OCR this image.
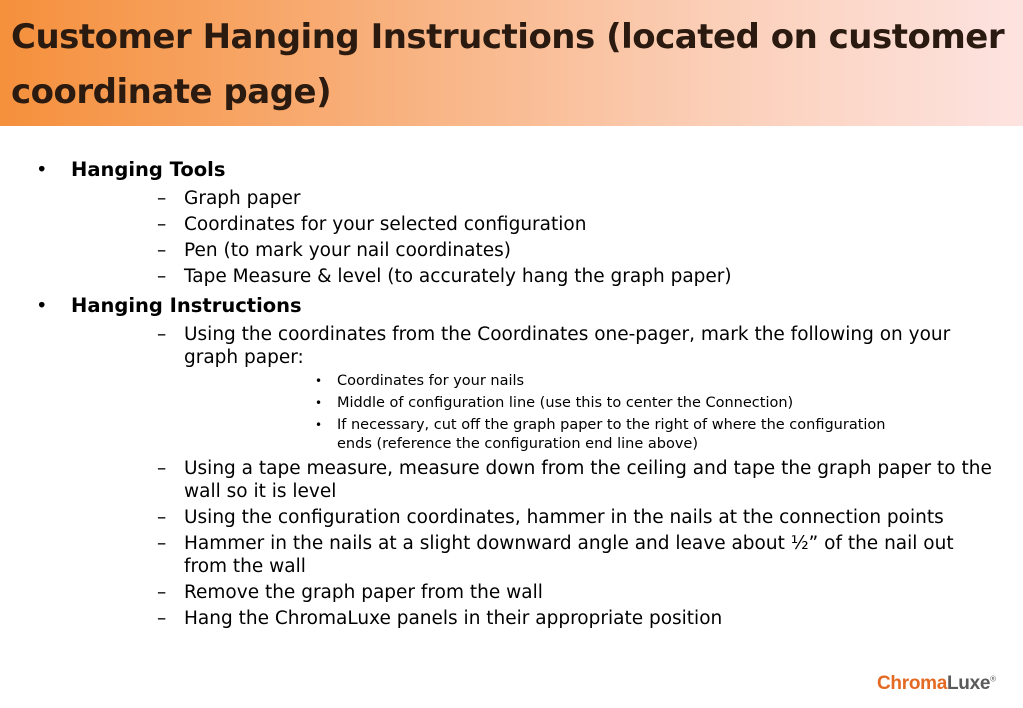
Customer Hanging Instructions (located on customer coordinate page)
• Hanging Tools
– Graph paper
– Coordinates for your selected configuration
– Pen (to mark your nail coordinates)
– Tape Measure & level (to accurately hang the graph paper)
• Hanging Instructions
– Using the coordinates from the Coordinates one-pager, mark the following on your graph paper:
• Coordinates for your nails
• Middle of configuration line (use this to center the Connection)
• If necessary, cut off the graph paper to the right of where the configuration ends (reference the configuration end line above)
– Using a tape measure, measure down from the ceiling and tape the graph paper to the wall so it is level
– Using the configuration coordinates, hammer in the nails at the connection points
– Hammer in the nails at a slight downward angle and leave about ½” of the nail out from the wall
– Remove the graph paper from the wall
– Hang the ChromaLuxe panels in their appropriate position
ChromaLuxe®
